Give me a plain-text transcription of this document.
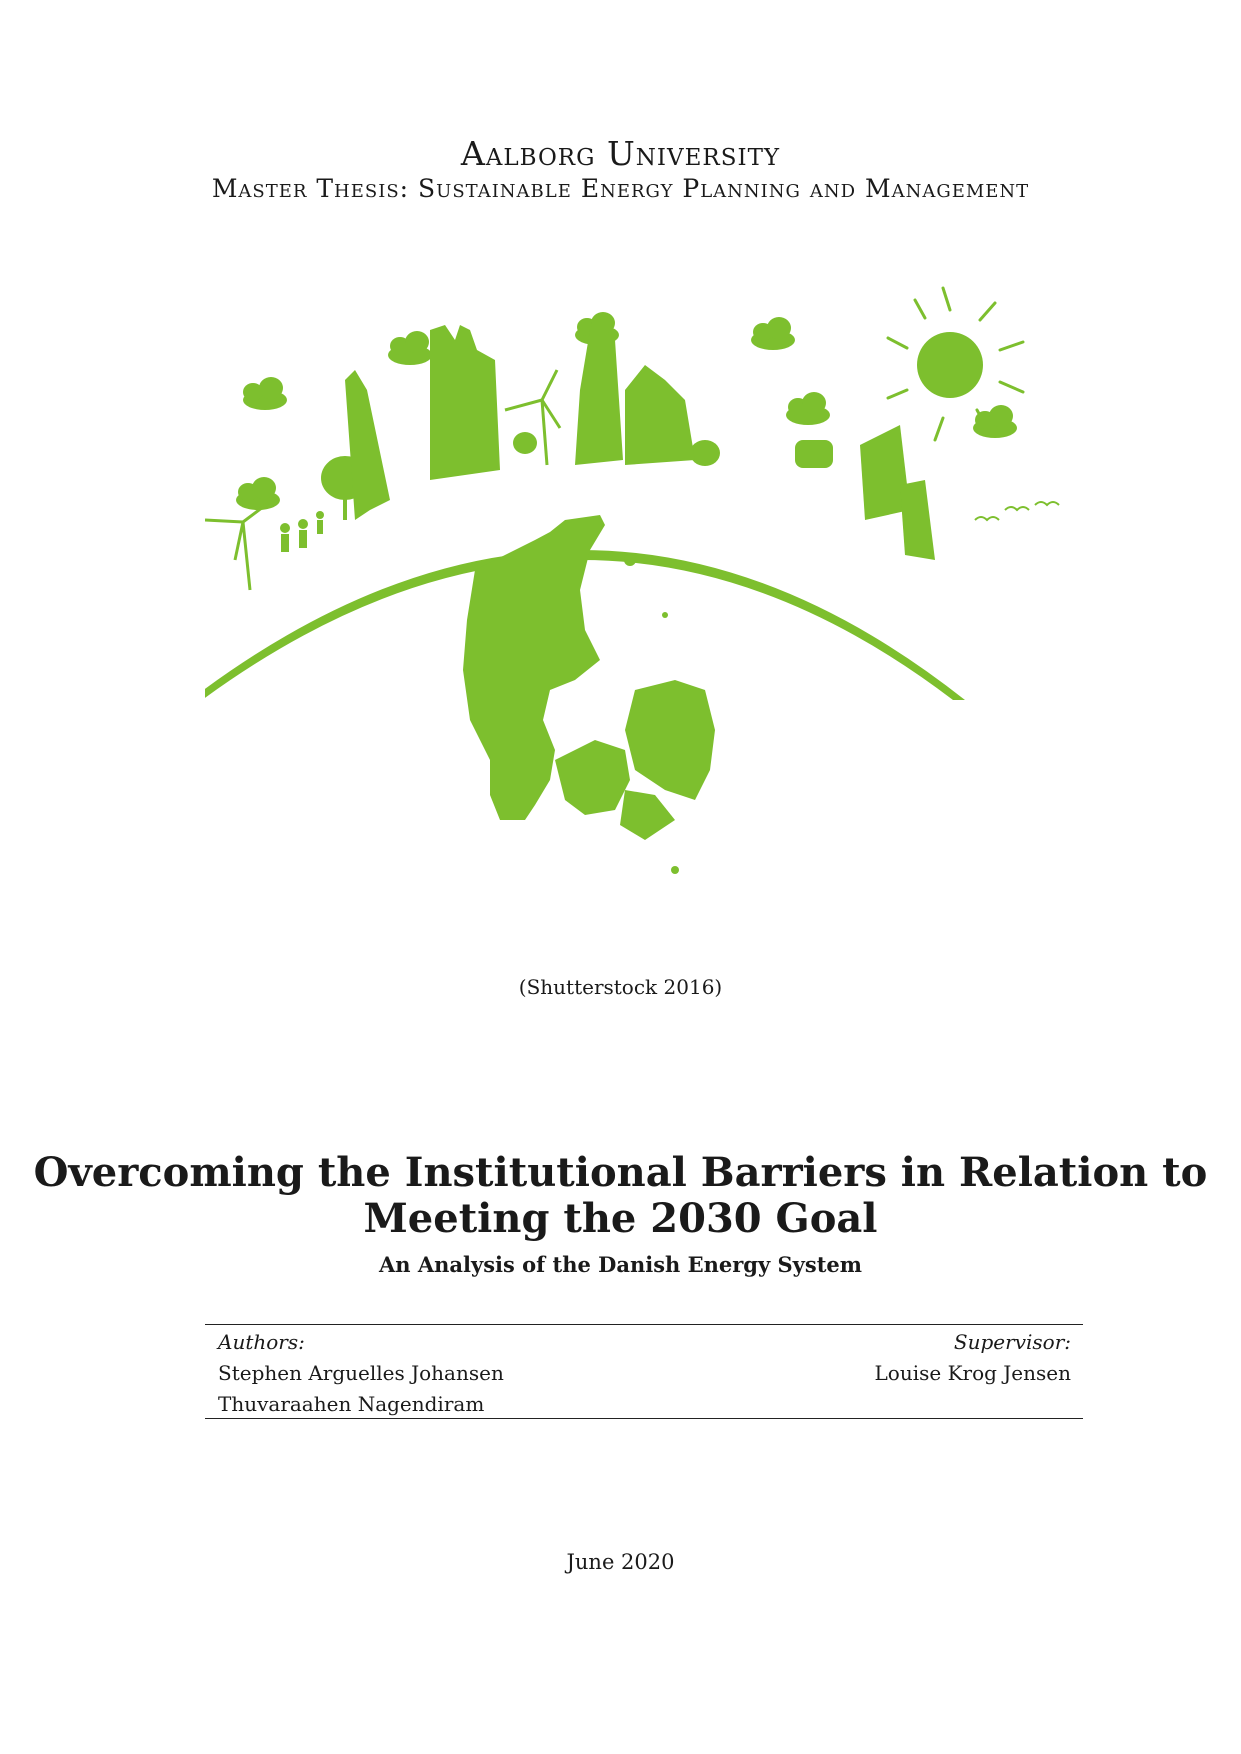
Aalborg University
Master Thesis: Sustainable Energy Planning and Management
(Shutterstock 2016)
Overcoming the Institutional Barriers in Relation to Meeting the 2030 Goal
An Analysis of the Danish Energy System
Authors:
Stephen Arguelles Johansen
Thuvaraahen Nagendiram
Supervisor:
Louise Krog Jensen
June 2020
